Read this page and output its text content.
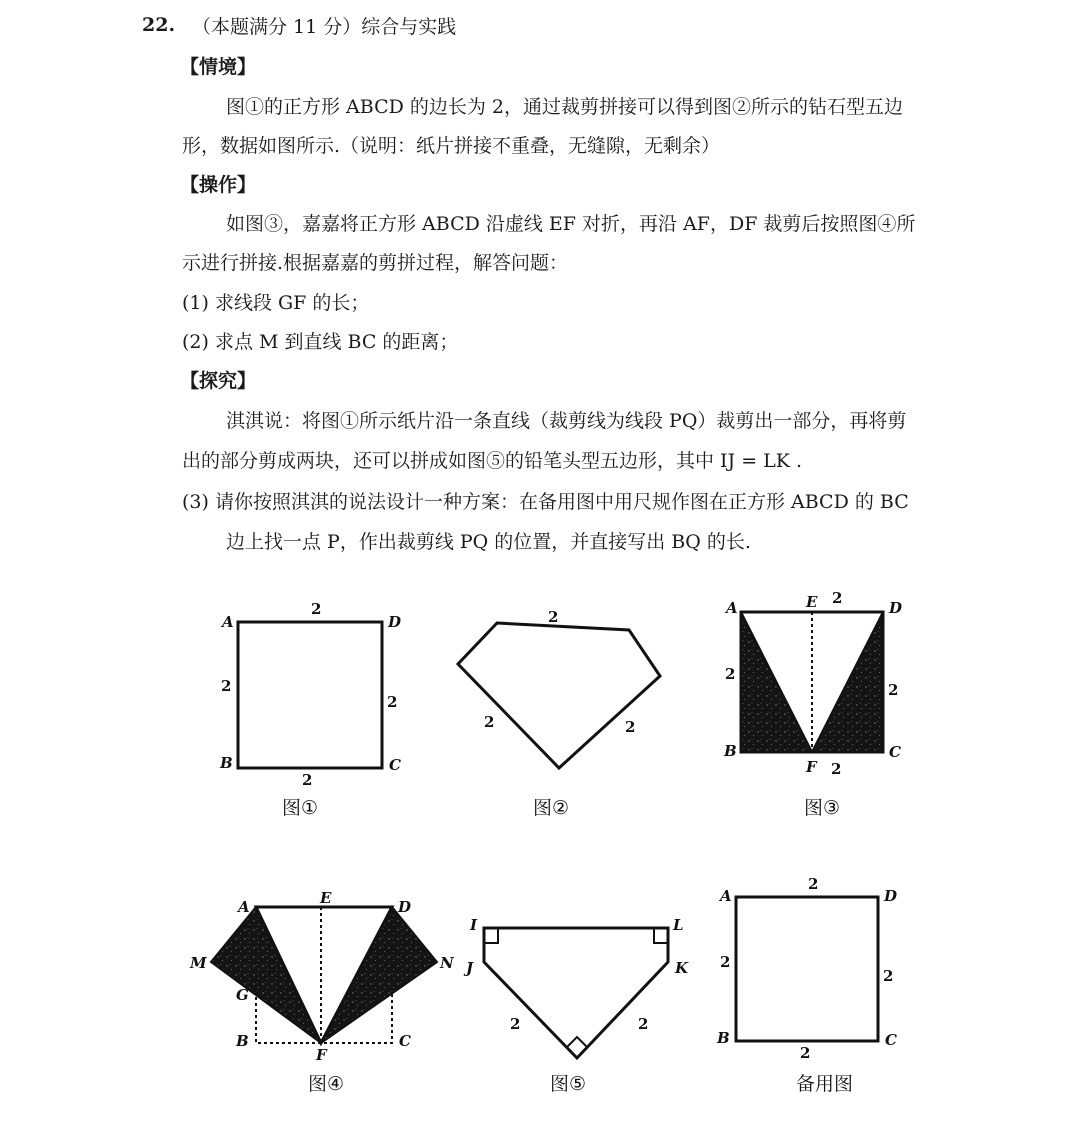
22. （本题满分 11 分）综合与实践
【情境】
图①的正方形 ABCD 的边长为 2，通过裁剪拼接可以得到图②所示的钻石型五边
形，数据如图所示.（说明：纸片拼接不重叠，无缝隙，无剩余）
【操作】
如图③，嘉嘉将正方形 ABCD 沿虚线 EF 对折，再沿 AF，DF 裁剪后按照图④所
示进行拼接.根据嘉嘉的剪拼过程，解答问题：
(1) 求线段 GF 的长；
(2) 求点 M 到直线 BC 的距离；
【探究】
淇淇说：将图①所示纸片沿一条直线（裁剪线为线段 PQ）裁剪出一部分，再将剪
出的部分剪成两块，还可以拼成如图⑤的铅笔头型五边形，其中 IJ = LK .
(3) 请你按照淇淇的说法设计一种方案：在备用图中用尺规作图在正方形 ABCD 的 BC
边上找一点 P，作出裁剪线 PQ 的位置，并直接写出 BQ 的长.
A	D
B	C
2
2
2
2
图①
2
2	2
图②
A	E	D
B
F
C
2
2
2
2
图③
A	E	D
M	N
G
B
F
C
图④
I	L
J	K
2	2
图⑤
A	D
B	C
2
2
2
2
备用图
